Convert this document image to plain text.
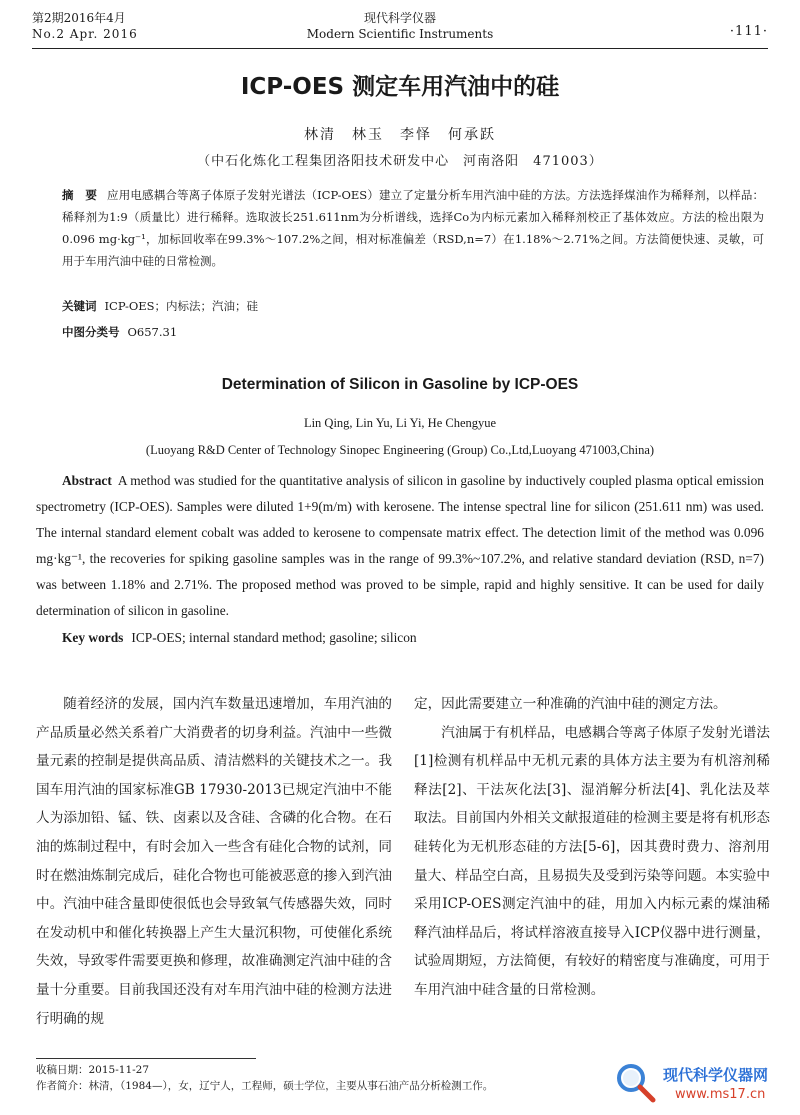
第2期2016年4月
No.2 Apr. 2016
现代科学仪器
Modern Scientific Instruments	·111·
ICP-OES 测定车用汽油中的硅
林清　林玉　李怿　何承跃
（中石化炼化工程集团洛阳技术研发中心　河南洛阳　471003）
摘　要 应用电感耦合等离子体原子发射光谱法（ICP-OES）建立了定量分析车用汽油中硅的方法。方法选择煤油作为稀释剂，以样品：稀释剂为1:9（质量比）进行稀释。选取波长251.611nm为分析谱线，选择Co为内标元素加入稀释剂校正了基体效应。方法的检出限为0.096 mg·kg⁻¹，加标回收率在99.3%～107.2%之间，相对标准偏差（RSD,n=7）在1.18%～2.71%之间。方法简便快速、灵敏，可用于车用汽油中硅的日常检测。
关键词 ICP-OES；内标法；汽油；硅
中图分类号 O657.31
Determination of Silicon in Gasoline by ICP-OES
Lin Qing, Lin Yu, Li Yi, He Chengyue
(Luoyang R&D Center of Technology Sinopec Engineering (Group) Co.,Ltd,Luoyang 471003,China)
Abstract A method was studied for the quantitative analysis of silicon in gasoline by inductively coupled plasma optical emission spectrometry (ICP-OES). Samples were diluted 1+9(m/m) with kerosene. The intense spectral line for silicon (251.611 nm) was used. The internal standard element cobalt was added to kerosene to compensate matrix effect. The detection limit of the method was 0.096 mg·kg⁻¹, the recoveries for spiking gasoline samples was in the range of 99.3%~107.2%, and relative standard deviation (RSD, n=7) was between 1.18% and 2.71%. The proposed method was proved to be simple, rapid and highly sensitive. It can be used for daily determination of silicon in gasoline.
Key words ICP-OES; internal standard method; gasoline; silicon

随着经济的发展，国内汽车数量迅速增加，车用汽油的产品质量必然关系着广大消费者的切身利益。汽油中一些微量元素的控制是提供高品质、清洁燃料的关键技术之一。我国车用汽油的国家标准GB 17930-2013已规定汽油中不能人为添加铅、锰、铁、卤素以及含硅、含磷的化合物。在石油的炼制过程中，有时会加入一些含有硅化合物的试剂，同时在燃油炼制完成后，硅化合物也可能被恶意的掺入到汽油中。汽油中硅含量即使很低也会导致氧气传感器失效，同时在发动机中和催化转换器上产生大量沉积物，可使催化系统失效，导致零件需要更换和修理，故准确测定汽油中硅的含量十分重要。目前我国还没有对车用汽油中硅的检测方法进行明确的规

定，因此需要建立一种准确的汽油中硅的测定方法。

汽油属于有机样品，电感耦合等离子体原子发射光谱法[1]检测有机样品中无机元素的具体方法主要为有机溶剂稀释法[2]、干法灰化法[3]、湿消解分析法[4]、乳化法及萃取法。目前国内外相关文献报道硅的检测主要是将有机形态硅转化为无机形态硅的方法[5-6]，因其费时费力、溶剂用量大、样品空白高，且易损失及受到污染等问题。本实验中采用ICP-OES测定汽油中的硅，用加入内标元素的煤油稀释汽油样品后，将试样溶液直接导入ICP仪器中进行测量，试验周期短，方法简便，有较好的精密度与准确度，可用于车用汽油中硅含量的日常检测。

收稿日期：2015-11-27
作者简介：林清，（1984—），女，辽宁人，工程师，硕士学位，主要从事石油产品分析检测工作。
现代科学仪器网
www.ms17.cn
